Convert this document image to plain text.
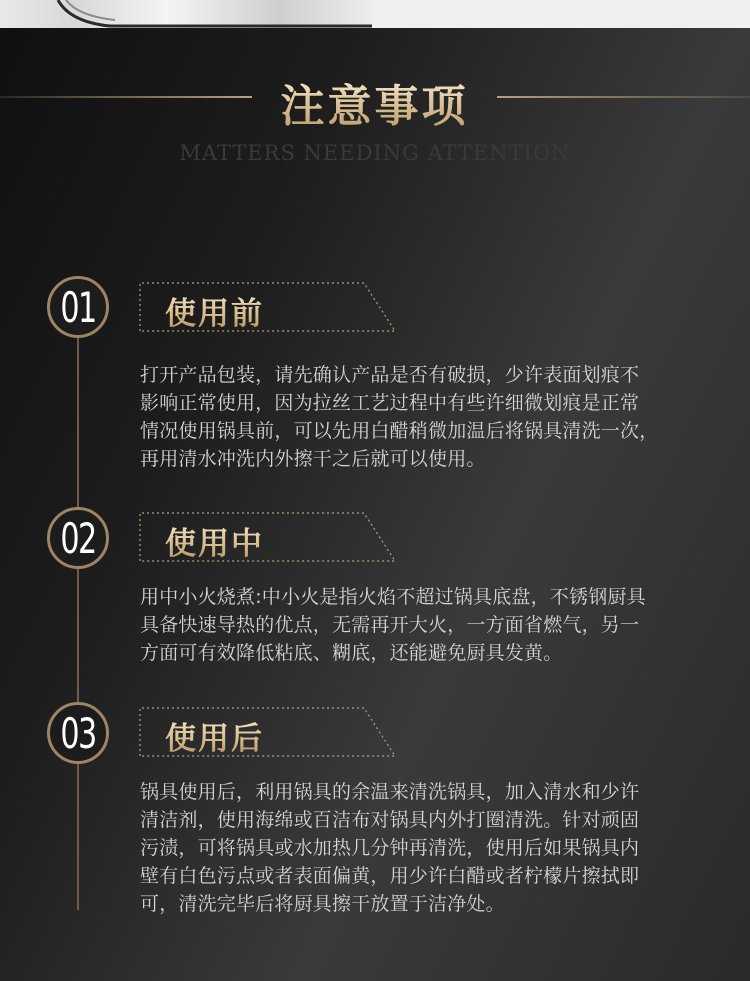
注意事项
MATTERS NEEDING ATTENTION
01 使用前
打开产品包装，请先确认产品是否有破损，少许表面划痕不
影响正常使用，因为拉丝工艺过程中有些许细微划痕是正常
情况使用锅具前，可以先用白醋稍微加温后将锅具清洗一次，
再用清水冲洗内外擦干之后就可以使用。
02 使用中
用中小火烧煮:中小火是指火焰不超过锅具底盘，不锈钢厨具
具备快速导热的优点，无需再开大火，一方面省燃气，另一
方面可有效降低粘底、糊底，还能避免厨具发黄。
03 使用后
锅具使用后，利用锅具的余温来清洗锅具，加入清水和少许
清洁剂，使用海绵或百洁布对锅具内外打圈清洗。针对顽固
污渍，可将锅具或水加热几分钟再清洗，使用后如果锅具内
壁有白色污点或者表面偏黄，用少许白醋或者柠檬片擦拭即
可，清洗完毕后将厨具擦干放置于洁净处。
